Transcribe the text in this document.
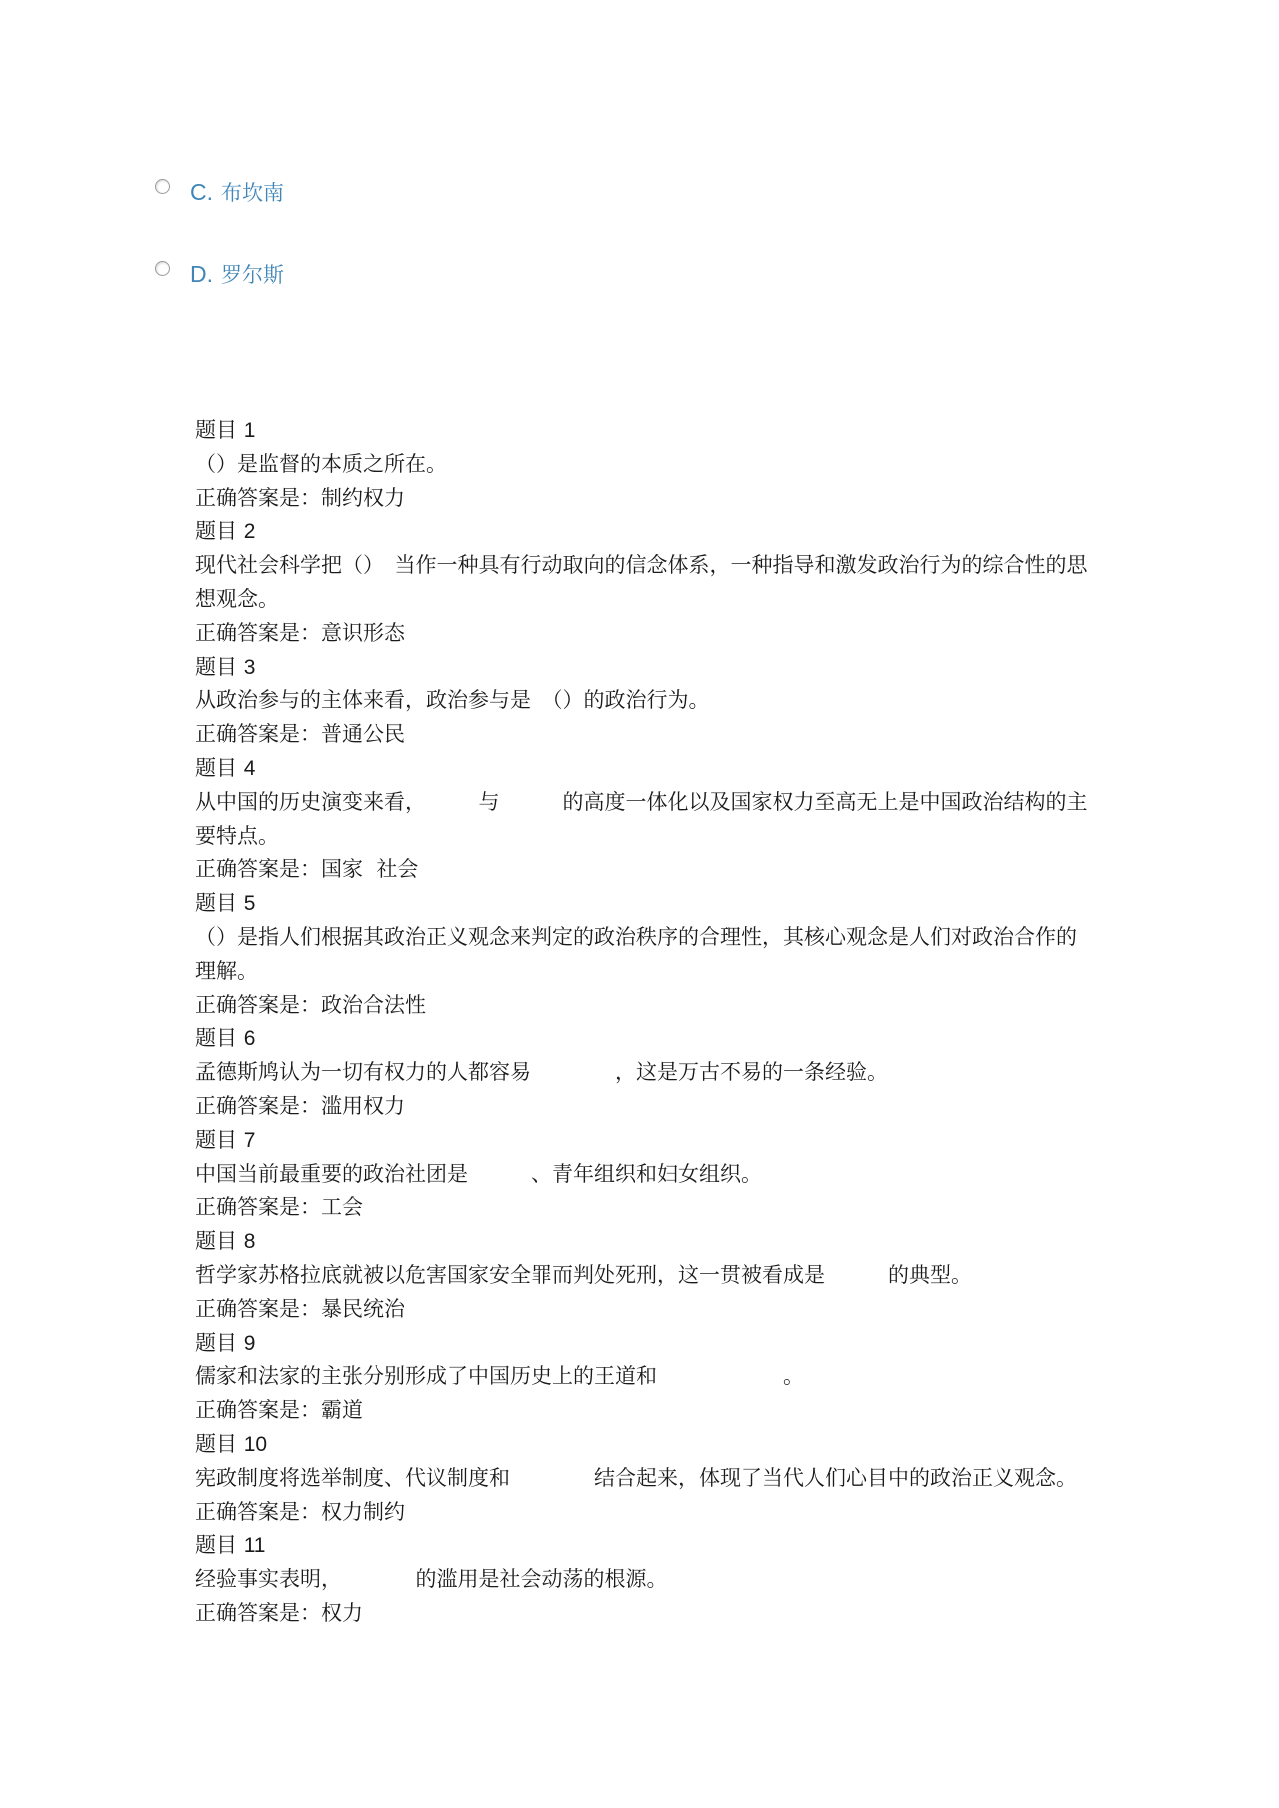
C. 布坎南
D. 罗尔斯

题目 1

（）是监督的本质之所在。

正确答案是：制约权力

题目 2

现代社会科学把（）　当作一种具有行动取向的信念体系，一种指导和激发政治行为的综合性的思想观念。

正确答案是：意识形态

题目 3

从政治参与的主体来看，政治参与是　（）的政治行为。

正确答案是：普通公民

题目 4

从中国的历史演变来看，　　　与　　　的高度一体化以及国家权力至高无上是中国政治结构的主要特点。

正确答案是：国家  社会

题目 5

（）是指人们根据其政治正义观念来判定的政治秩序的合理性，其核心观念是人们对政治合作的理解。

正确答案是：政治合法性

题目 6

孟德斯鸠认为一切有权力的人都容易　　　　，这是万古不易的一条经验。

正确答案是：滥用权力

题目 7

中国当前最重要的政治社团是　　　、青年组织和妇女组织。

正确答案是：工会

题目 8

哲学家苏格拉底就被以危害国家安全罪而判处死刑，这一贯被看成是　　　的典型。

正确答案是：暴民统治

题目 9

儒家和法家的主张分别形成了中国历史上的王道和　　　　　　。

正确答案是：霸道

题目 10

宪政制度将选举制度、代议制度和　　　　结合起来，体现了当代人们心目中的政治正义观念。

正确答案是：权力制约

题目 11

经验事实表明，　　　　的滥用是社会动荡的根源。

正确答案是：权力
